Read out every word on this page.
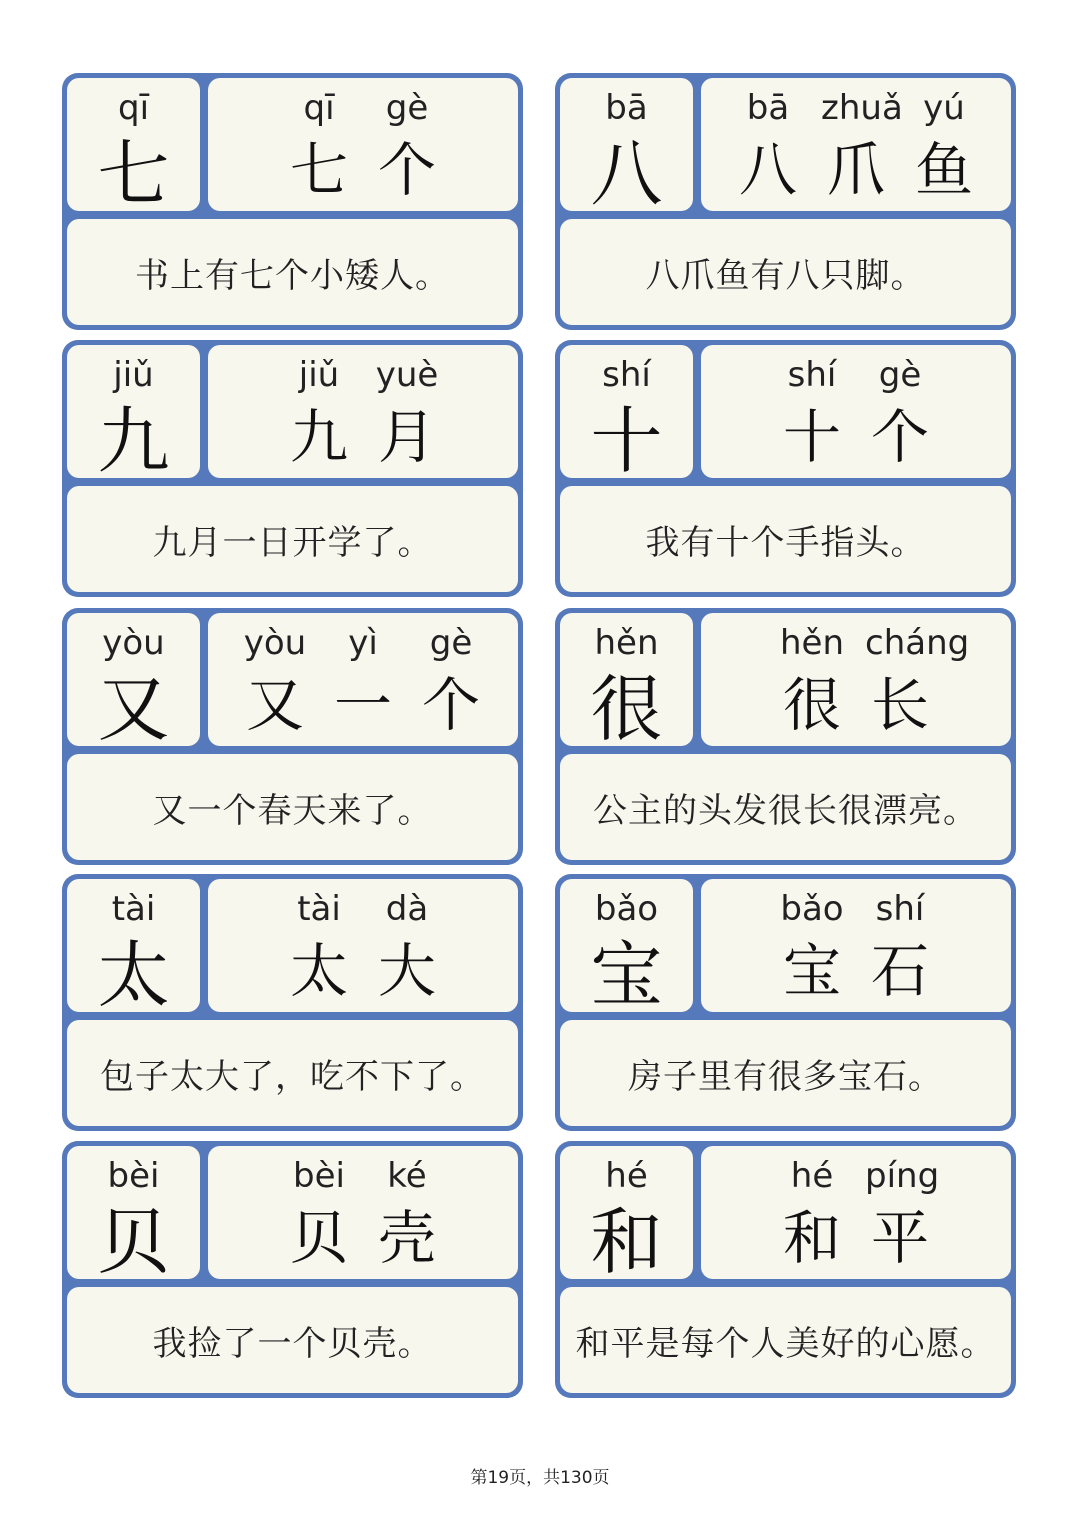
qī
七
qī	gè
七 个
书上有七个小矮人。
bā
八
bā zhuǎ yú
八 爪 鱼
八爪鱼有八只脚。
jiǔ
九
jiǔ	yuè
九 月
九月一日开学了。
shí
十
shí	gè
十 个
我有十个手指头。
yòu
又
yòu	yì	gè
又 一 个
又一个春天来了。
hěn
很
hěn cháng
很 长
公主的头发很长很漂亮。
tài
太
tài	dà
太 大
包子太大了，吃不下了。
bǎo
宝
bǎo shí
宝 石
房子里有很多宝石。
bèi
贝
bèi	ké
贝 壳
我捡了一个贝壳。
hé
和
hé píng
和 平
和平是每个人美好的心愿。
第19页，共130页
